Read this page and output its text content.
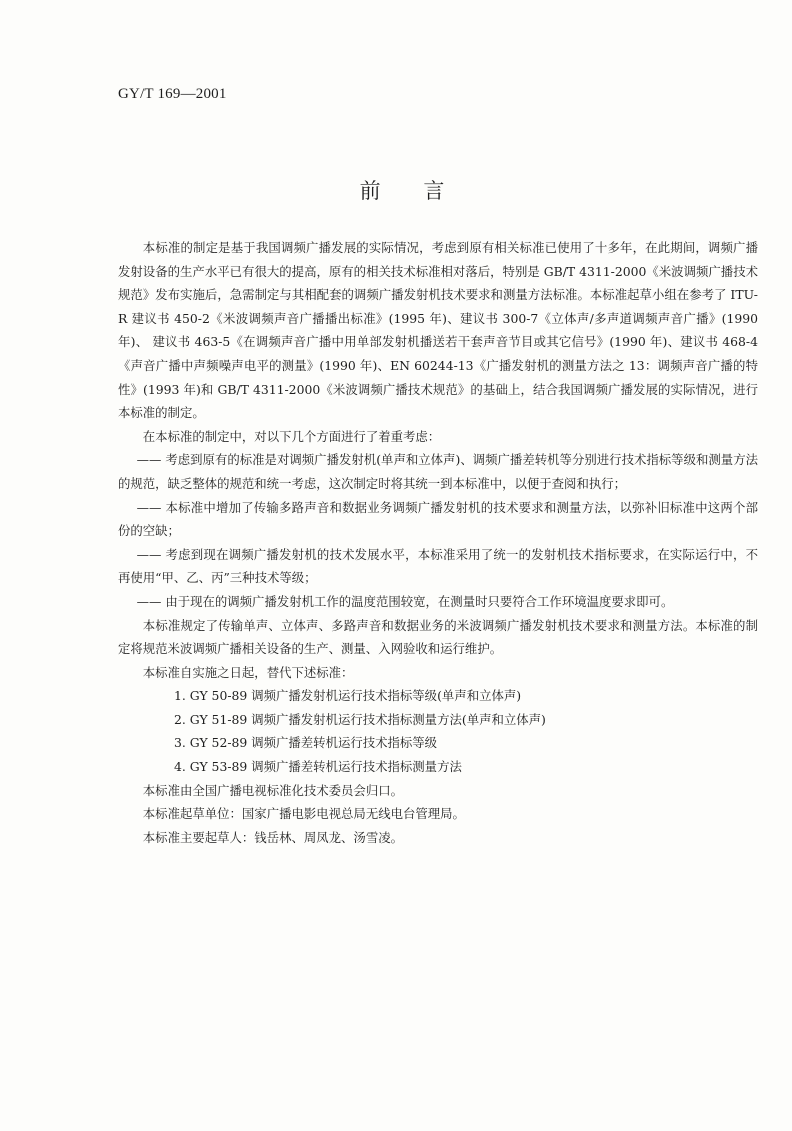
GY/T 169—2001
前 言

本标准的制定是基于我国调频广播发展的实际情况，考虑到原有相关标准已使用了十多年，在此期间，调频广播发射设备的生产水平已有很大的提高，原有的相关技术标准相对落后，特别是 GB/T 4311-2000《米波调频广播技术规范》发布实施后，急需制定与其相配套的调频广播发射机技术要求和测量方法标准。本标准起草小组在参考了 ITU-R 建议书 450-2《米波调频声音广播播出标准》(1995 年)、建议书 300-7《立体声/多声道调频声音广播》(1990 年)、 建议书 463-5《在调频声音广播中用单部发射机播送若干套声音节目或其它信号》(1990 年)、建议书 468-4《声音广播中声频噪声电平的测量》(1990 年)、EN 60244-13《广播发射机的测量方法之 13：调频声音广播的特性》(1993 年)和 GB/T 4311-2000《米波调频广播技术规范》的基础上，结合我国调频广播发展的实际情况，进行本标准的制定。

在本标准的制定中，对以下几个方面进行了着重考虑：

—— 考虑到原有的标准是对调频广播发射机(单声和立体声)、调频广播差转机等分别进行技术指标等级和测量方法的规范，缺乏整体的规范和统一考虑，这次制定时将其统一到本标准中，以便于查阅和执行；

—— 本标准中增加了传输多路声音和数据业务调频广播发射机的技术要求和测量方法，以弥补旧标准中这两个部份的空缺；

—— 考虑到现在调频广播发射机的技术发展水平，本标准采用了统一的发射机技术指标要求，在实际运行中，不再使用“甲、乙、丙”三种技术等级；

—— 由于现在的调频广播发射机工作的温度范围较宽，在测量时只要符合工作环境温度要求即可。

本标准规定了传输单声、立体声、多路声音和数据业务的米波调频广播发射机技术要求和测量方法。本标准的制定将规范米波调频广播相关设备的生产、测量、入网验收和运行维护。

本标准自实施之日起，替代下述标准：

1. GY 50-89 调频广播发射机运行技术指标等级(单声和立体声)
2. GY 51-89 调频广播发射机运行技术指标测量方法(单声和立体声)
3. GY 52-89 调频广播差转机运行技术指标等级
4. GY 53-89 调频广播差转机运行技术指标测量方法

本标准由全国广播电视标准化技术委员会归口。

本标准起草单位：国家广播电影电视总局无线电台管理局。

本标准主要起草人：钱岳林、周凤龙、汤雪凌。
